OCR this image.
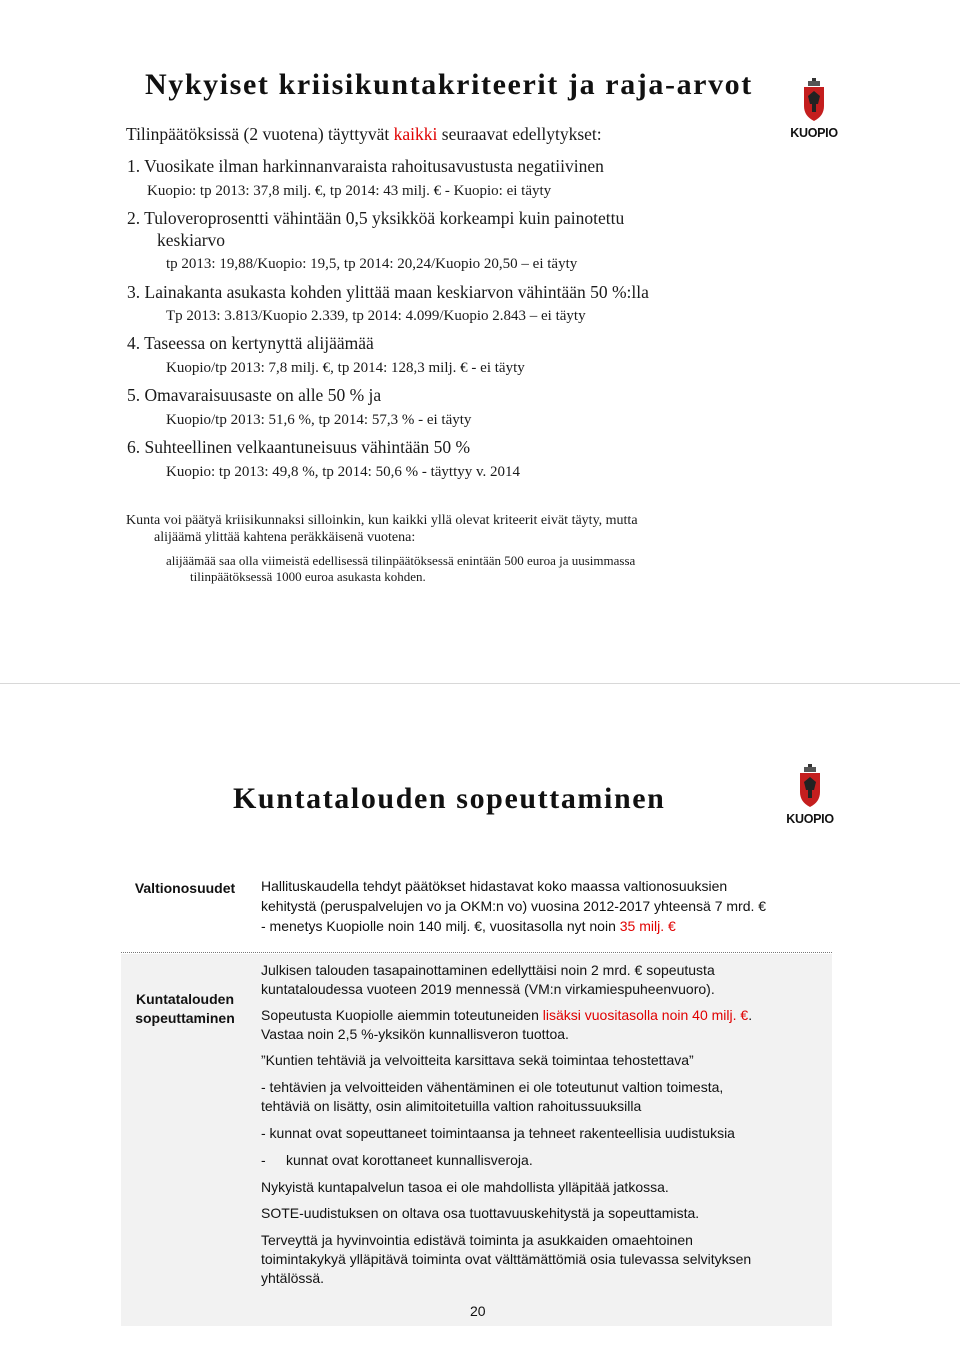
Nykyiset kriisikuntakriteerit ja raja-arvot
KUOPIO
Tilinpäätöksissä (2 vuotena) täyttyvät kaikki seuraavat edellytykset:
1. Vuosikate ilman harkinnanvaraista rahoitusavustusta negatiivinen
Kuopio: tp 2013: 37,8 milj. €, tp 2014: 43 milj. € - Kuopio: ei täyty
2. Tuloveroprosentti vähintään 0,5 yksikköä korkeampi kuin painotettu
keskiarvo
tp 2013: 19,88/Kuopio: 19,5, tp 2014: 20,24/Kuopio 20,50 – ei täyty
3. Lainakanta asukasta kohden ylittää maan keskiarvon vähintään 50 %:lla
Tp 2013: 3.813/Kuopio 2.339, tp 2014: 4.099/Kuopio 2.843 – ei täyty
4. Taseessa on kertynyttä alijäämää
Kuopio/tp 2013: 7,8 milj. €, tp 2014: 128,3 milj. € - ei täyty
5. Omavaraisuusaste on alle 50 % ja
Kuopio/tp 2013: 51,6 %, tp 2014: 57,3 % - ei täyty
6. Suhteellinen velkaantuneisuus vähintään 50 %
Kuopio: tp 2013: 49,8 %, tp 2014: 50,6 % - täyttyy v. 2014
Kunta voi päätyä kriisikunnaksi silloinkin, kun kaikki yllä olevat kriteerit eivät täyty, mutta
alijäämä ylittää kahtena peräkkäisenä vuotena:
alijäämää saa olla viimeistä edellisessä tilinpäätöksessä enintään 500 euroa ja uusimmassa
tilinpäätöksessä 1000 euroa asukasta kohden.
Kuntatalouden sopeuttaminen
KUOPIO
Valtionosuudet	Hallituskaudella tehdyt päätökset hidastavat koko maassa valtionosuuksien
kehitystä (peruspalvelujen vo ja OKM:n vo) vuosina 2012-2017 yhteensä 7 mrd. €
- menetys Kuopiolle noin 140 milj. €, vuositasolla nyt noin 35 milj. €
Kuntatalouden
sopeuttaminen
Julkisen talouden tasapainottaminen edellyttäisi noin 2 mrd. € sopeutusta
kuntataloudessa vuoteen 2019 mennessä (VM:n virkamiespuheenvuoro).
Sopeutusta Kuopiolle aiemmin toteutuneiden lisäksi vuositasolla noin 40 milj. €.
Vastaa noin 2,5 %-yksikön kunnallisveron tuottoa.
”Kuntien tehtäviä ja velvoitteita karsittava sekä toimintaa tehostettava”
- tehtävien ja velvoitteiden vähentäminen ei ole toteutunut valtion toimesta,
tehtäviä on lisätty, osin alimitoitetuilla valtion rahoitussuuksilla
- kunnat ovat sopeuttaneet toimintaansa ja tehneet rakenteellisia uudistuksia
- kunnat ovat korottaneet kunnallisveroja.
Nykyistä kuntapalvelun tasoa ei ole mahdollista ylläpitää jatkossa.
SOTE-uudistuksen on oltava osa tuottavuuskehitystä ja sopeuttamista.
Terveyttä ja hyvinvointia edistävä toiminta ja asukkaiden omaehtoinen
toimintakykyä ylläpitävä toiminta ovat välttämättömiä osia tulevassa selvityksen
yhtälössä.
20
